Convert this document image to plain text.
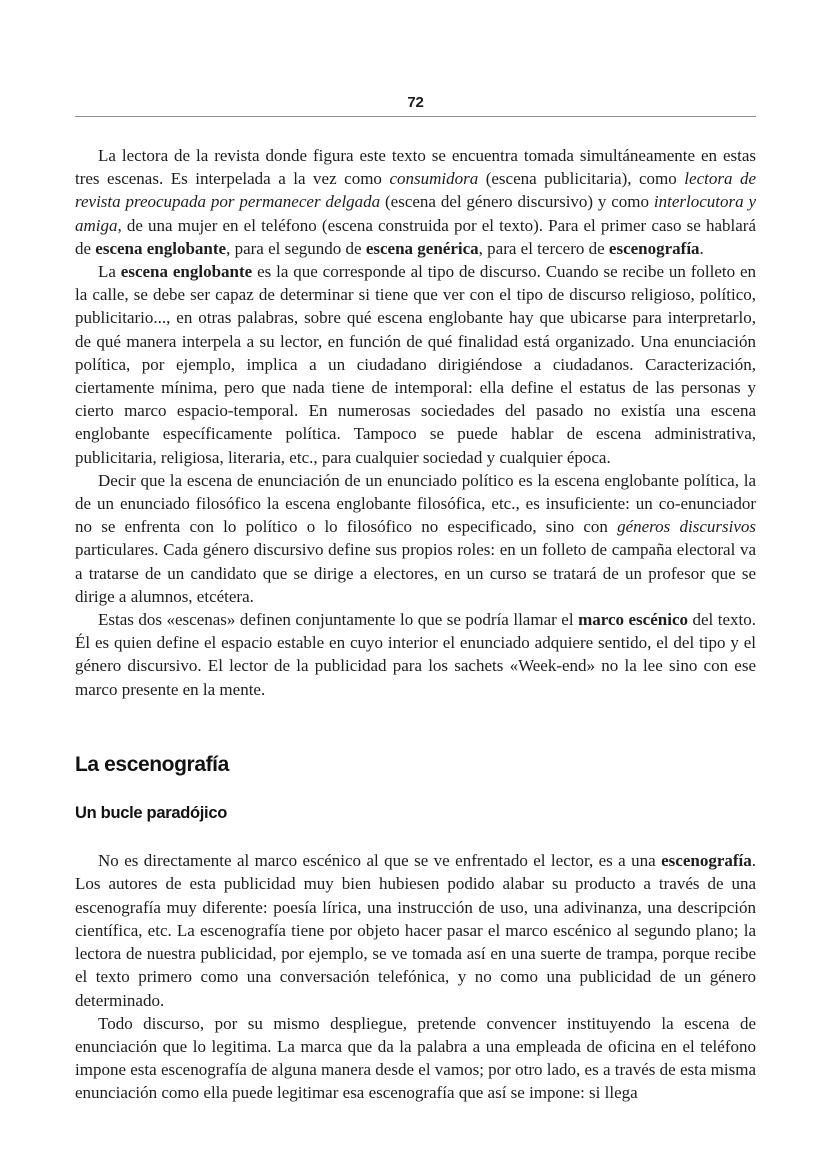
72

La lectora de la revista donde figura este texto se encuentra tomada simultáneamente en estas tres escenas. Es interpelada a la vez como consumidora (escena publicitaria), como lectora de revista preocupada por permanecer delgada (escena del género discursivo) y como interlocutora y amiga, de una mujer en el teléfono (escena construida por el texto). Para el primer caso se hablará de escena englobante, para el segundo de escena genérica, para el tercero de escenografía.

La escena englobante es la que corresponde al tipo de discurso. Cuando se recibe un folleto en la calle, se debe ser capaz de determinar si tiene que ver con el tipo de discurso religioso, político, publicitario..., en otras palabras, sobre qué escena englobante hay que ubicarse para interpretarlo, de qué manera interpela a su lector, en función de qué finalidad está organizado. Una enunciación política, por ejemplo, implica a un ciudadano dirigiéndose a ciudadanos. Caracterización, ciertamente mínima, pero que nada tiene de intemporal: ella define el estatus de las personas y cierto marco espacio-temporal. En numerosas sociedades del pasado no existía una escena englobante específicamente política. Tampoco se puede hablar de escena administrativa, publicitaria, religiosa, literaria, etc., para cualquier sociedad y cualquier época.

Decir que la escena de enunciación de un enunciado político es la escena englobante política, la de un enunciado filosófico la escena englobante filosófica, etc., es insuficiente: un co-enunciador no se enfrenta con lo político o lo filosófico no especificado, sino con géneros discursivos particulares. Cada género discursivo define sus propios roles: en un folleto de campaña electoral va a tratarse de un candidato que se dirige a electores, en un curso se tratará de un profesor que se dirige a alumnos, etcétera.

Estas dos «escenas» definen conjuntamente lo que se podría llamar el marco escénico del texto. Él es quien define el espacio estable en cuyo interior el enunciado adquiere sentido, el del tipo y el género discursivo. El lector de la publicidad para los sachets «Week-end» no la lee sino con ese marco presente en la mente.

La escenografía
Un bucle paradójico

No es directamente al marco escénico al que se ve enfrentado el lector, es a una escenografía. Los autores de esta publicidad muy bien hubiesen podido alabar su producto a través de una escenografía muy diferente: poesía lírica, una instrucción de uso, una adivinanza, una descripción científica, etc. La escenografía tiene por objeto hacer pasar el marco escénico al segundo plano; la lectora de nuestra publicidad, por ejemplo, se ve tomada así en una suerte de trampa, porque recibe el texto primero como una conversación telefónica, y no como una publicidad de un género determinado.

Todo discurso, por su mismo despliegue, pretende convencer instituyendo la escena de enunciación que lo legitima. La marca que da la palabra a una empleada de oficina en el teléfono impone esta escenografía de alguna manera desde el vamos; por otro lado, es a través de esta misma enunciación como ella puede legitimar esa escenografía que así se impone: si llega
